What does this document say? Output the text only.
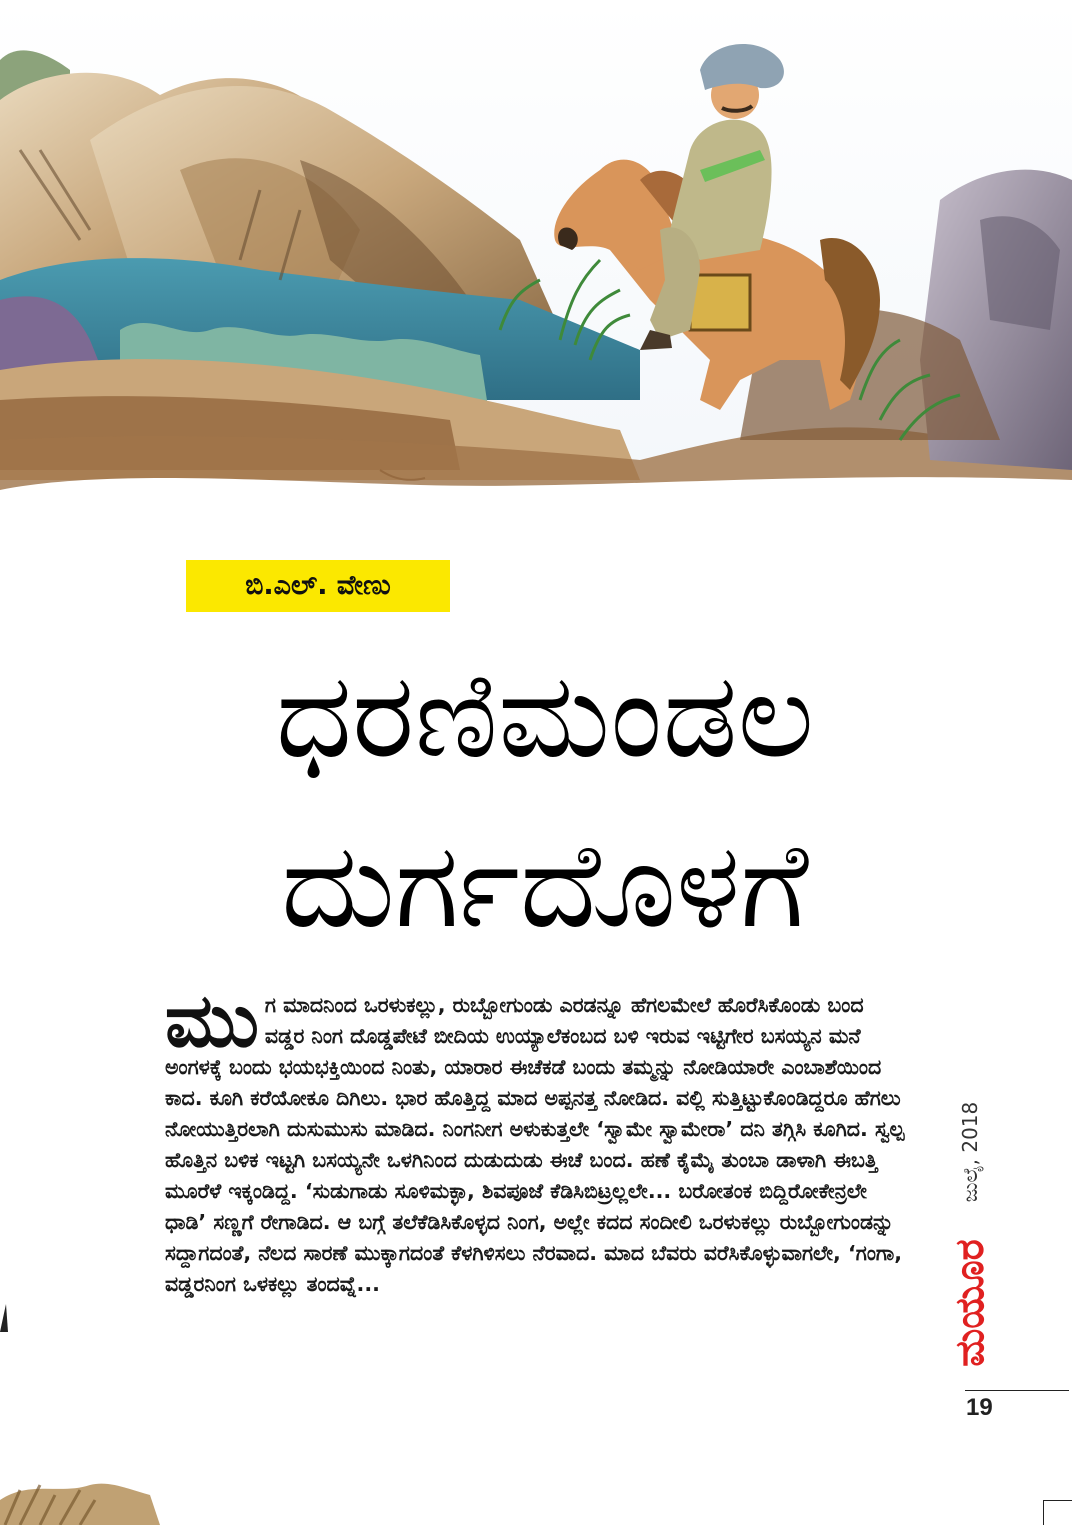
ಬಿ.ಎಲ್. ವೇಣು
ಧರಣಿಮಂಡಲ
ದುರ್ಗದೊಳಗೆ
ಮು ಗ ಮಾದನಿಂದ ಒರಳುಕಲ್ಲು, ರುಬ್ಬೋಗುಂಡು ಎರಡನ್ನೂ ಹೆಗಲಮೇಲೆ ಹೊರೆಸಿಕೊಂಡು ಬಂದ ವಡ್ಡರ ನಿಂಗ ದೊಡ್ಡಪೇಟೆ ಬೀದಿಯ ಉಯ್ಯಾಲೆಕಂಬದ ಬಳಿ ಇರುವ ಇಟ್ಟಿಗೇರ ಬಸಯ್ಯನ ಮನೆ ಅಂಗಳಕ್ಕೆ ಬಂದು ಭಯಭಕ್ತಿಯಿಂದ ನಿಂತು, ಯಾರಾರ ಈಚೆಕಡೆ ಬಂದು ತಮ್ಮನ್ನು ನೋಡಿಯಾರೇ ಎಂಬಾಶೆಯಿಂದ ಕಾದ. ಕೂಗಿ ಕರೆಯೋಕೂ ದಿಗಿಲು. ಭಾರ ಹೊತ್ತಿದ್ದ ಮಾದ ಅಪ್ಪನತ್ತ ನೋಡಿದ. ವಲ್ಲಿ ಸುತ್ತಿಟ್ಟುಕೊಂಡಿದ್ದರೂ ಹೆಗಲು ನೋಯುತ್ತಿರಲಾಗಿ ದುಸುಮುಸು ಮಾಡಿದ. ನಿಂಗನೀಗ ಅಳುಕುತ್ತಲೇ ‘ಸ್ವಾಮೇ ಸ್ವಾಮೇರಾ’ ದನಿ ತಗ್ಗಿಸಿ ಕೂಗಿದ. ಸ್ವಲ್ಪ ಹೊತ್ತಿನ ಬಳಿಕ ಇಟ್ಟಗಿ ಬಸಯ್ಯನೇ ಒಳಗಿನಿಂದ ದುಡುದುಡು ಈಚೆ ಬಂದ. ಹಣೆ ಕೈಮೈ ತುಂಬಾ ಡಾಳಾಗಿ ಈಬತ್ತಿ ಮೂರೆಳೆ ಇಕ್ಕಂಡಿದ್ದ. ‘ಸುಡುಗಾಡು ಸೂಳಿಮಕ್ಳಾ, ಶಿವಪೂಜೆ ಕೆಡಿಸಿಬಿಟ್ರಲ್ಲಲೇ... ಬರೋತಂಕ ಬಿದ್ದಿರೋಕೇನ್ರಲೇ ಧಾಡಿ’ ಸಣ್ಣಗೆ ರೇಗಾಡಿದ. ಆ ಬಗ್ಗೆ ತಲೆಕೆಡಿಸಿಕೊಳ್ಳದ ನಿಂಗ, ಅಲ್ಲೇ ಕದದ ಸಂದೀಲಿ ಒರಳುಕಲ್ಲು ರುಬ್ಬೋಗುಂಡನ್ನು ಸದ್ದಾಗದಂತೆ, ನೆಲದ ಸಾರಣೆ ಮುಕ್ಕಾಗದಂತೆ ಕೆಳಗಿಳಿಸಲು ನೆರವಾದ. ಮಾದ ಬೆವರು ವರೆಸಿಕೊಳ್ಳುವಾಗಲೇ, ‘ಗಂಗಾ, ವಡ್ಡರನಿಂಗ ಒಳಕಲ್ಲು ತಂದವ್ನೆ...

ಜುಲೈ, 2018
ಮಯೂರ
19
